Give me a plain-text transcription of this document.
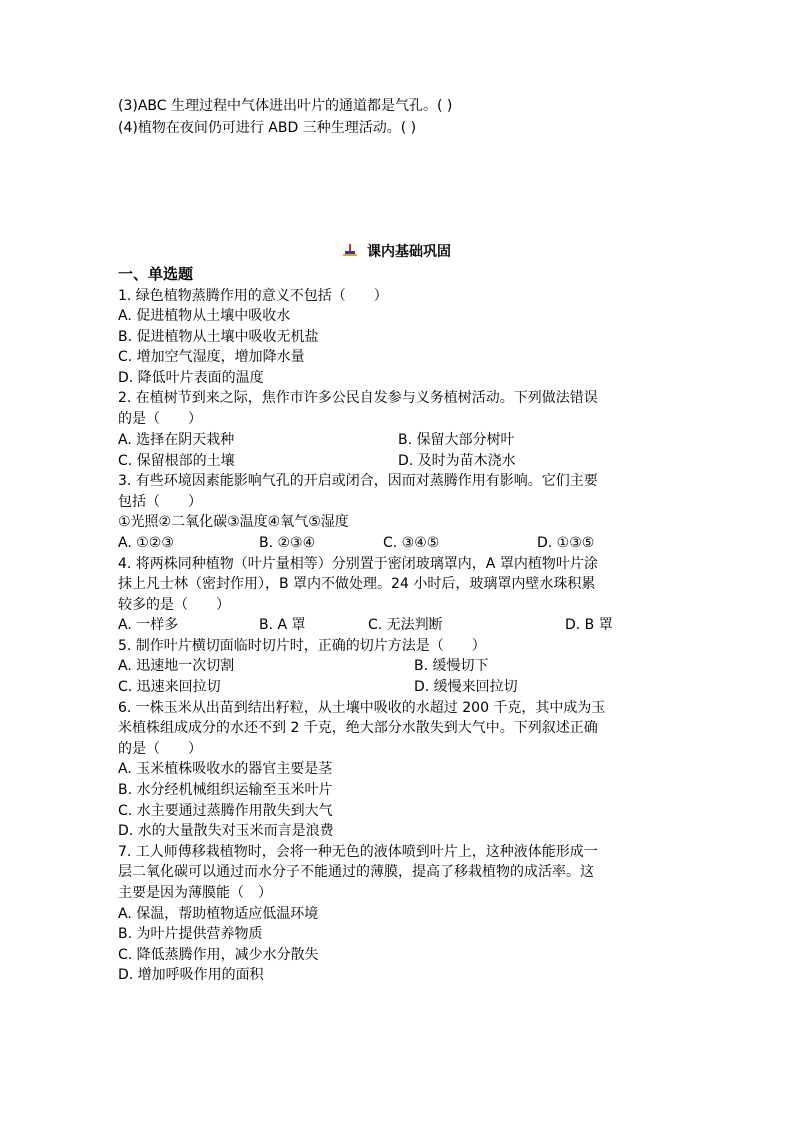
(3)ABC 生理过程中气体进出叶片的通道都是气孔。( )
(4)植物在夜间仍可进行 ABD 三种生理活动。( )
课内基础巩固
一、单选题
1. 绿色植物蒸腾作用的意义不包括（　　）
A. 促进植物从土壤中吸收水
B. 促进植物从土壤中吸收无机盐
C. 增加空气湿度，增加降水量
D. 降低叶片表面的温度
2. 在植树节到来之际，焦作市许多公民自发参与义务植树活动。下列做法错误
的是（　　）
A. 选择在阴天栽种	B. 保留大部分树叶
C. 保留根部的土壤	D. 及时为苗木浇水
3. 有些环境因素能影响气孔的开启或闭合，因而对蒸腾作用有影响。它们主要
包括（　　）
①光照②二氧化碳③温度④氧气⑤湿度
A. ①②③	B. ②③④	C. ③④⑤	D. ①③⑤
4. 将两株同种植物（叶片量相等）分别置于密闭玻璃罩内，A 罩内植物叶片涂
抹上凡士林（密封作用），B 罩内不做处理。24 小时后，玻璃罩内壁水珠积累
较多的是（　　）
A. 一样多	B. A 罩	C. 无法判断	D. B 罩
5. 制作叶片横切面临时切片时，正确的切片方法是（　　）
A. 迅速地一次切割	B. 缓慢切下
C. 迅速来回拉切	D. 缓慢来回拉切
6. 一株玉米从出苗到结出籽粒，从土壤中吸收的水超过 200 千克，其中成为玉
米植株组成成分的水还不到 2 千克，绝大部分水散失到大气中。下列叙述正确
的是（　　）
A. 玉米植株吸收水的器官主要是茎
B. 水分经机械组织运输至玉米叶片
C. 水主要通过蒸腾作用散失到大气
D. 水的大量散失对玉米而言是浪费
7. 工人师傅移栽植物时，会将一种无色的液体喷到叶片上，这种液体能形成一
层二氧化碳可以通过而水分子不能通过的薄膜，提高了移栽植物的成活率。这
主要是因为薄膜能（　）
A. 保温，帮助植物适应低温环境
B. 为叶片提供营养物质
C. 降低蒸腾作用，减少水分散失
D. 增加呼吸作用的面积
